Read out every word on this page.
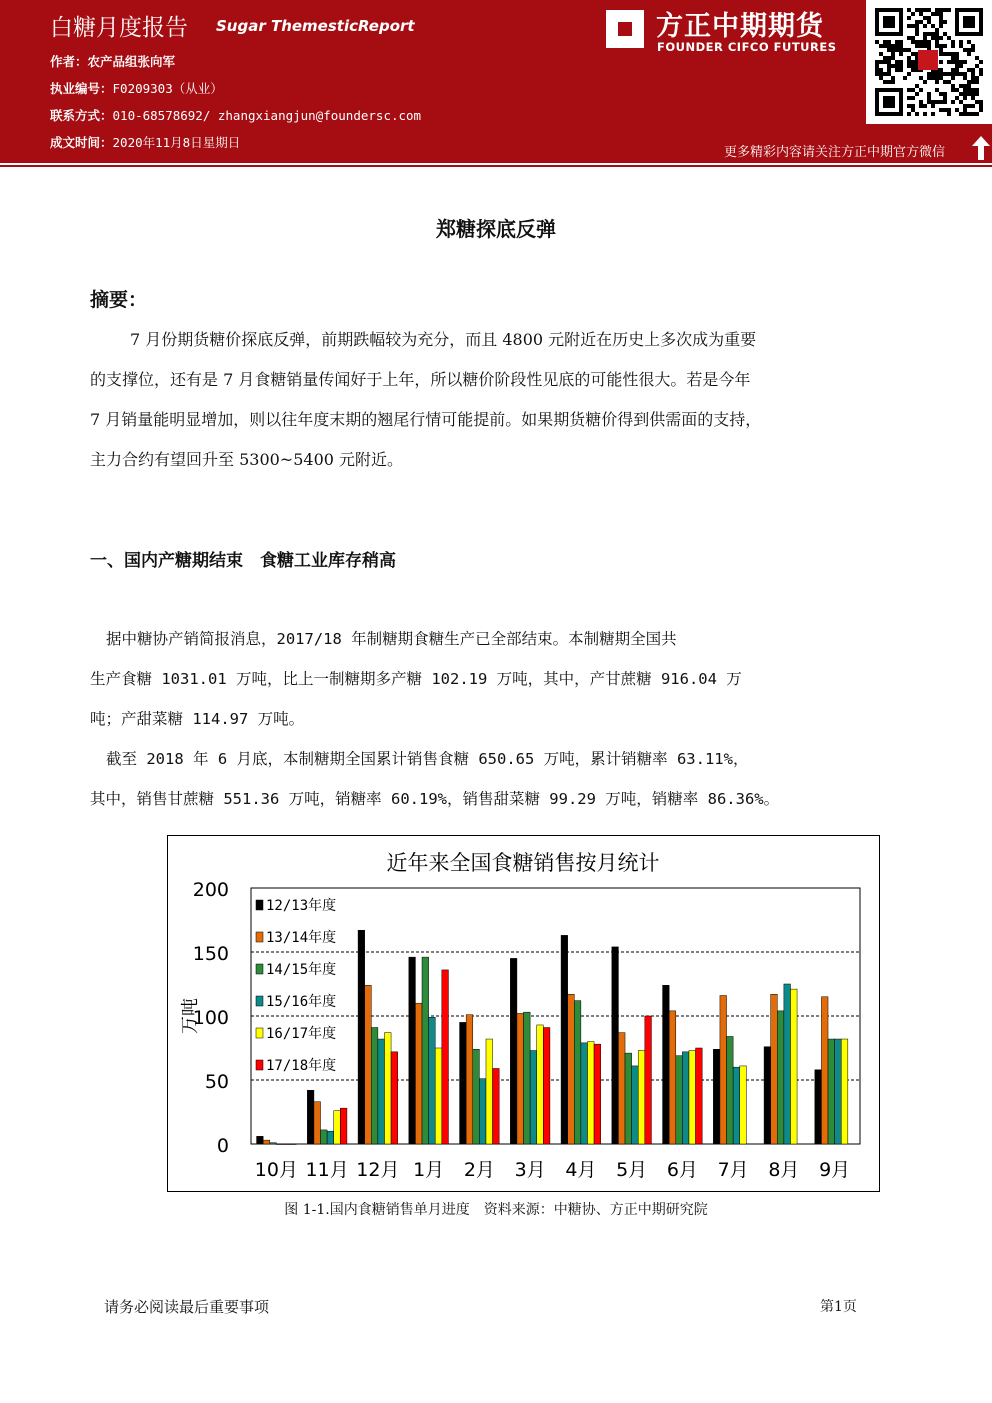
白糖月度报告 Sugar ThemesticReport
作者：农产品组张向军
执业编号：F0209303（从业）
联系方式：010-68578692/ zhangxiangjun@foundersc.com
成文时间：2020年11月8日星期日
方正中期期货
FOUNDER CIFCO FUTURES
更多精彩内容请关注方正中期官方微信
郑糖探底反弹
摘要：
7 月份期货糖价探底反弹，前期跌幅较为充分，而且 4800 元附近在历史上多次成为重要
的支撑位，还有是 7 月食糖销量传闻好于上年，所以糖价阶段性见底的可能性很大。若是今年
7 月销量能明显增加，则以往年度末期的翘尾行情可能提前。如果期货糖价得到供需面的支持，
主力合约有望回升至 5300~5400 元附近。
一、国内产糖期结束　食糖工业库存稍高
据中糖协产销简报消息，2017/18 年制糖期食糖生产已全部结束。本制糖期全国共
生产食糖 1031.01 万吨，比上一制糖期多产糖 102.19 万吨，其中，产甘蔗糖 916.04 万
吨；产甜菜糖 114.97 万吨。
截至 2018 年 6 月底，本制糖期全国累计销售食糖 650.65 万吨，累计销糖率 63.11%，
其中，销售甘蔗糖 551.36 万吨，销糖率 60.19%，销售甜菜糖 99.29 万吨，销糖率 86.36%。
近年来全国食糖销售按月统计
0
50
100
150
200
万吨
10月 11月 12月 1月 2月 3月 4月 5月 6月 7月 8月 9月
12/13年度
13/14年度
14/15年度
15/16年度
16/17年度
17/18年度
图 1-1.国内食糖销售单月进度　资料来源：中糖协、方正中期研究院
请务必阅读最后重要事项	第1页
